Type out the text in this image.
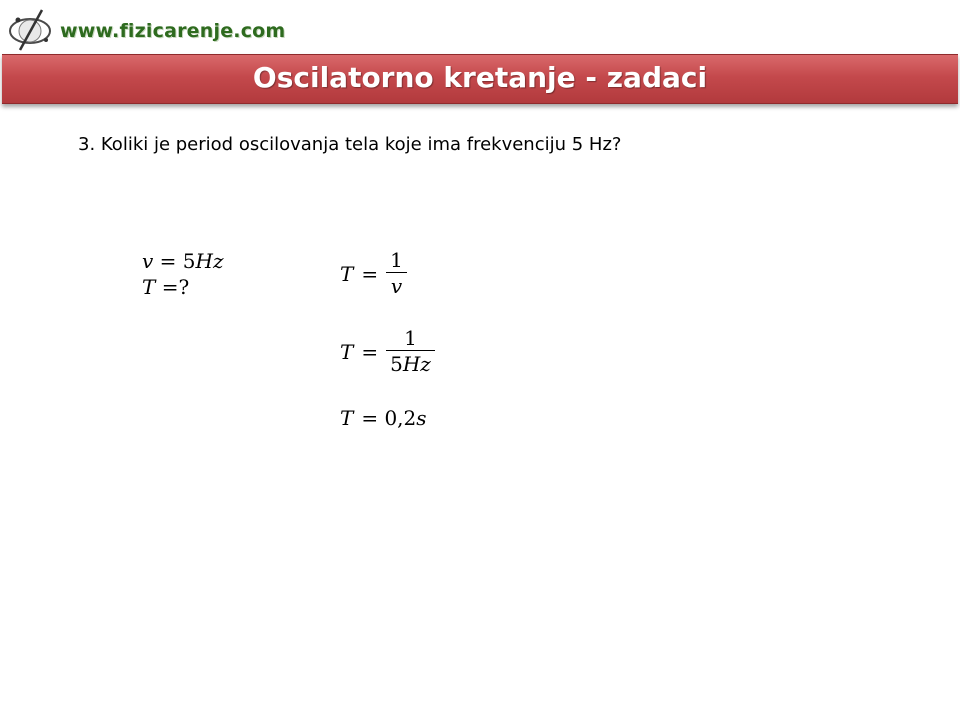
www.fizicarenje.com
Oscilatorno kretanje - zadaci
3. Koliki je period oscilovanja tela koje ima frekvenciju 5 Hz?
v = 5Hz
T =?
$T = \frac{1}{v}$
$T = \frac{1}{5Hz}$
T = 0,2 s
